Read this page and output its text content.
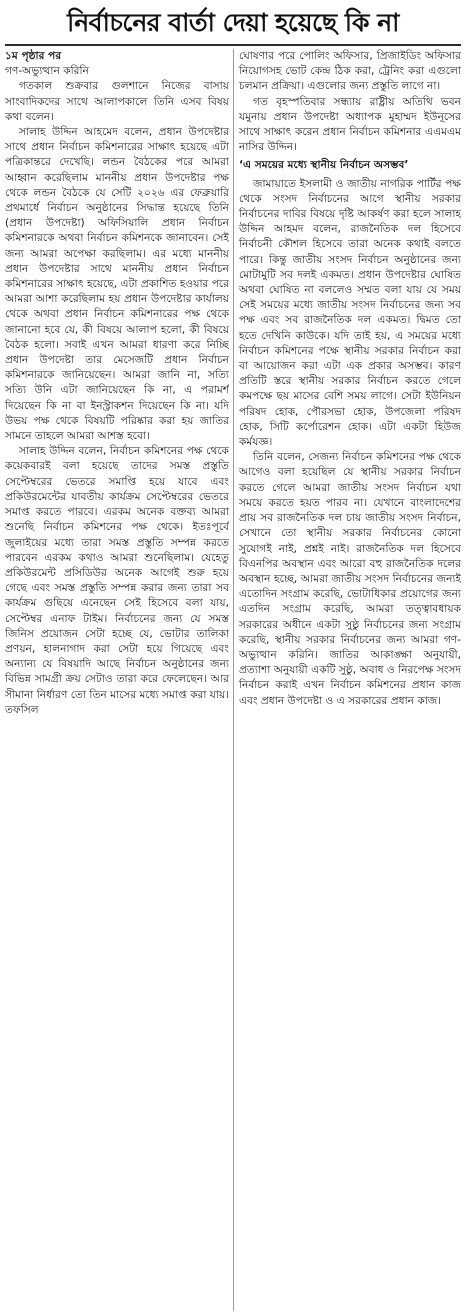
নির্বাচনের বার্তা দেয়া হয়েছে কি না
১ম পৃষ্ঠার পর

গণ-অভ্যুত্থান করিনি

গতকাল শুক্রবার গুলশানে নিজের বাসায় সাংবাদিকদের সাথে আলাপকালে তিনি এসব বিষয় কথা বলেন।

সালাহ উদ্দিন আহমেদ বলেন, প্রধান উপদেষ্টার সাথে প্রধান নির্বাচন কমিশনারের সাক্ষাৎ হয়েছে এটা পত্রিকান্তরে দেখেছি। লন্ডন বৈঠকের পরে আমরা আহ্বান করেছিলাম মাননীয় প্রধান উপদেষ্টার পক্ষ থেকে লন্ডন বৈঠকে যে সেটি ২০২৬ এর ফেব্রুয়ারি প্রথমার্ধে নির্বাচন অনুষ্ঠানের সিদ্ধান্ত হয়েছে তিনি (প্রধান উপদেষ্টা) অফিসিয়ালি প্রধান নির্বাচন কমিশনারকে অথবা নির্বাচন কমিশনকে জানাবেন। সেই জন্য আমরা অপেক্ষা করছিলাম। এর মধ্যে মাননীয় প্রধান উপদেষ্টার সাথে মাননীয় প্রধান নির্বাচন কমিশনারের সাক্ষাৎ হয়েছে, এটা প্রকাশিত হওয়ার পরে আমরা আশা করেছিলাম হয় প্রধান উপদেষ্টার কার্যালয় থেকে অথবা প্রধান নির্বাচন কমিশনারের পক্ষ থেকে জানানো হবে যে, কী বিষয়ে আলাপ হলো, কী বিষয়ে বৈঠক হলো। সবাই এখন আমরা ধারণা করে নিচ্ছি প্রধান উপদেষ্টা তার মেসেজটি প্রধান নির্বাচন কমিশনারকে জানিয়েছেন। আমরা জানি না, সত্যি সত্যি উনি এটা জানিয়েছেন কি না, এ পরামর্শ দিয়েছেন কি না বা ইনস্ট্রাকশন দিয়েছেন কি না। যদি উভয় পক্ষ থেকে বিষয়টি পরিষ্কার করা হয় জাতির সামনে তাহলে আমরা আশস্ত হবো।

সালাহ উদ্দিন বলেন, নির্বাচন কমিশনের পক্ষ থেকে কয়েকবারই বলা হয়েছে তাদের সমস্ত প্রস্তুতি সেপ্টেম্বরের ভেতরে সমাপ্তি হয়ে যাবে এবং প্রকিউরমেন্টের যাবতীয় কার্যক্রম সেপ্টেম্বরের ভেতরে সমাপ্ত করতে পারবে। এরকম অনেক বক্তব্য আমরা শুনেছি নির্বাচন কমিশনের পক্ষ থেকে। ইতঃপূর্বে জুলাইয়ের মধ্যে তারা সমস্ত প্রস্তুতি সম্পন্ন করতে পারবেন এরকম কথাও আমরা শুনেছিলাম। যেহেতু প্রকিউরমেন্ট প্রসিডিউর অনেক আগেই শুরু হয়ে গেছে এবং সমস্ত প্রস্তুতি সম্পন্ন করার জন্য তারা সব কার্যক্রম গুছিয়ে এনেছেন সেই হিসেবে বলা যায়, সেপ্টেম্বর এনাফ টাইম। নির্বাচনের জন্য যে সমস্ত জিনিস প্রয়োজন সেটা হচ্ছে যে, ভোটার তালিকা প্রণয়ন, হালনাগাদ করা সেটা হয়ে গিয়েছে এবং অন্যান্য যে বিষয়াদি আছে নির্বাচন অনুষ্ঠানের জন্য বিভিন্ন সামগ্রী ক্রয় সেটাও তারা করে ফেলেছেন। আর সীমানা নির্ধারণ তো তিন মাসের মধ্যে সমাপ্ত করা যায়। তফসিল

ঘোষণার পরে পোলিং অফিসার, প্রিজাইডিং অফিসার নিয়োগসহ ভোট কেন্দ্র ঠিক করা, ট্রেনিং করা এগুলো চলমান প্রক্রিয়া। এগুলোর জন্য প্রস্তুতি লাগে না।

গত বৃহস্পতিবার সন্ধ্যায় রাষ্ট্রীয় অতিথি ভবন যমুনায় প্রধান উপদেষ্টা অধ্যাপক মুহাম্মদ ইউনূসের সাথে সাক্ষাৎ করেন প্রধান নির্বাচন কমিশনার এএমএম নাসির উদ্দিন।

‘এ সময়ের মধ্যে স্থানীয় নির্বাচন অসম্ভব’

জামায়াতে ইসলামী ও জাতীয় নাগরিক পার্টির পক্ষ থেকে সংসদ নির্বাচনের আগে স্থানীয় সরকার নির্বাচনের দাবির বিষয়ে দৃষ্টি আকর্ষণ করা হলে সালাহ উদ্দিন আহমদ বলেন, রাজনৈতিক দল হিসেবে নির্বাচনী কৌশল হিসেবে তারা অনেক কথাই বলতে পারে। কিন্তু জাতীয় সংসদ নির্বাচন অনুষ্ঠানের জন্য মোটামুটি সব দলই একমত। প্রধান উপদেষ্টার ঘোষিত অথবা ঘোষিত না বললেও সম্মত বলা যায় যে সময় সেই সময়ের মধ্যে জাতীয় সংসদ নির্বাচনের জন্য সব পক্ষ এবং সব রাজনৈতিক দল একমত। দ্বিমত তো হতে দেখিনি কাউকে। যদি তাই হয়, এ সময়ের মধ্যে নির্বাচন কমিশনের পক্ষে স্থানীয় সরকার নির্বাচন করা বা আয়োজন করা এটা এক প্রকার অসম্ভব। কারণ প্রতিটি স্তরে স্থানীয় সরকার নির্বাচন করতে গেলে কমপক্ষে ছয় মাসের বেশি সময় লাগে। সেটা ইউনিয়ন পরিষদ হোক, পৌরসভা হোক, উপজেলা পরিষদ হোক, সিটি কর্পোরেশন হোক। এটা একটা হিউজ কর্মযজ্ঞ।

তিনি বলেন, সেজন্য নির্বাচন কমিশনের পক্ষ থেকে আগেও বলা হয়েছিল যে স্থানীয় সরকার নির্বাচন করতে গেলে আমরা জাতীয় সংসদ নির্বাচন যথা সময়ে করতে হয়ত পারব না। যেখানে বাংলাদেশের প্রায় সব রাজনৈতিক দল চায় জাতীয় সংসদ নির্বাচন, সেখানে তো স্থানীয় সরকার নির্বাচনের কোনো সুযোগই নাই, প্রশ্নই নাই। রাজনৈতিক দল হিসেবে বিএনপির অবস্থান এবং আরো বহু রাজনৈতিক দলের অবস্থান হচ্ছে, আমরা জাতীয় সংসদ নির্বাচনের জন্যই এতোদিন সংগ্রাম করেছি, ভোটাধিকার প্রয়োগের জন্য এতদিন সংগ্রাম করেছি, আমরা তত্ত্বাবধায়ক সরকারের অধীনে একটা সুষ্ঠু নির্বাচনের জন্য সংগ্রাম করেছি, স্থানীয় সরকার নির্বাচনের জন্য আমরা গণ-অভ্যুত্থান করিনি। জাতির আকাঙ্ক্ষা অনুযায়ী, প্রত্যাশা অনুযায়ী একটি সুষ্ঠু, অবাধ ও নিরপেক্ষ সংসদ নির্বাচন করাই এখন নির্বাচন কমিশনের প্রধান কাজ এবং প্রধান উপদেষ্টা ও এ সরকারের প্রধান কাজ।
